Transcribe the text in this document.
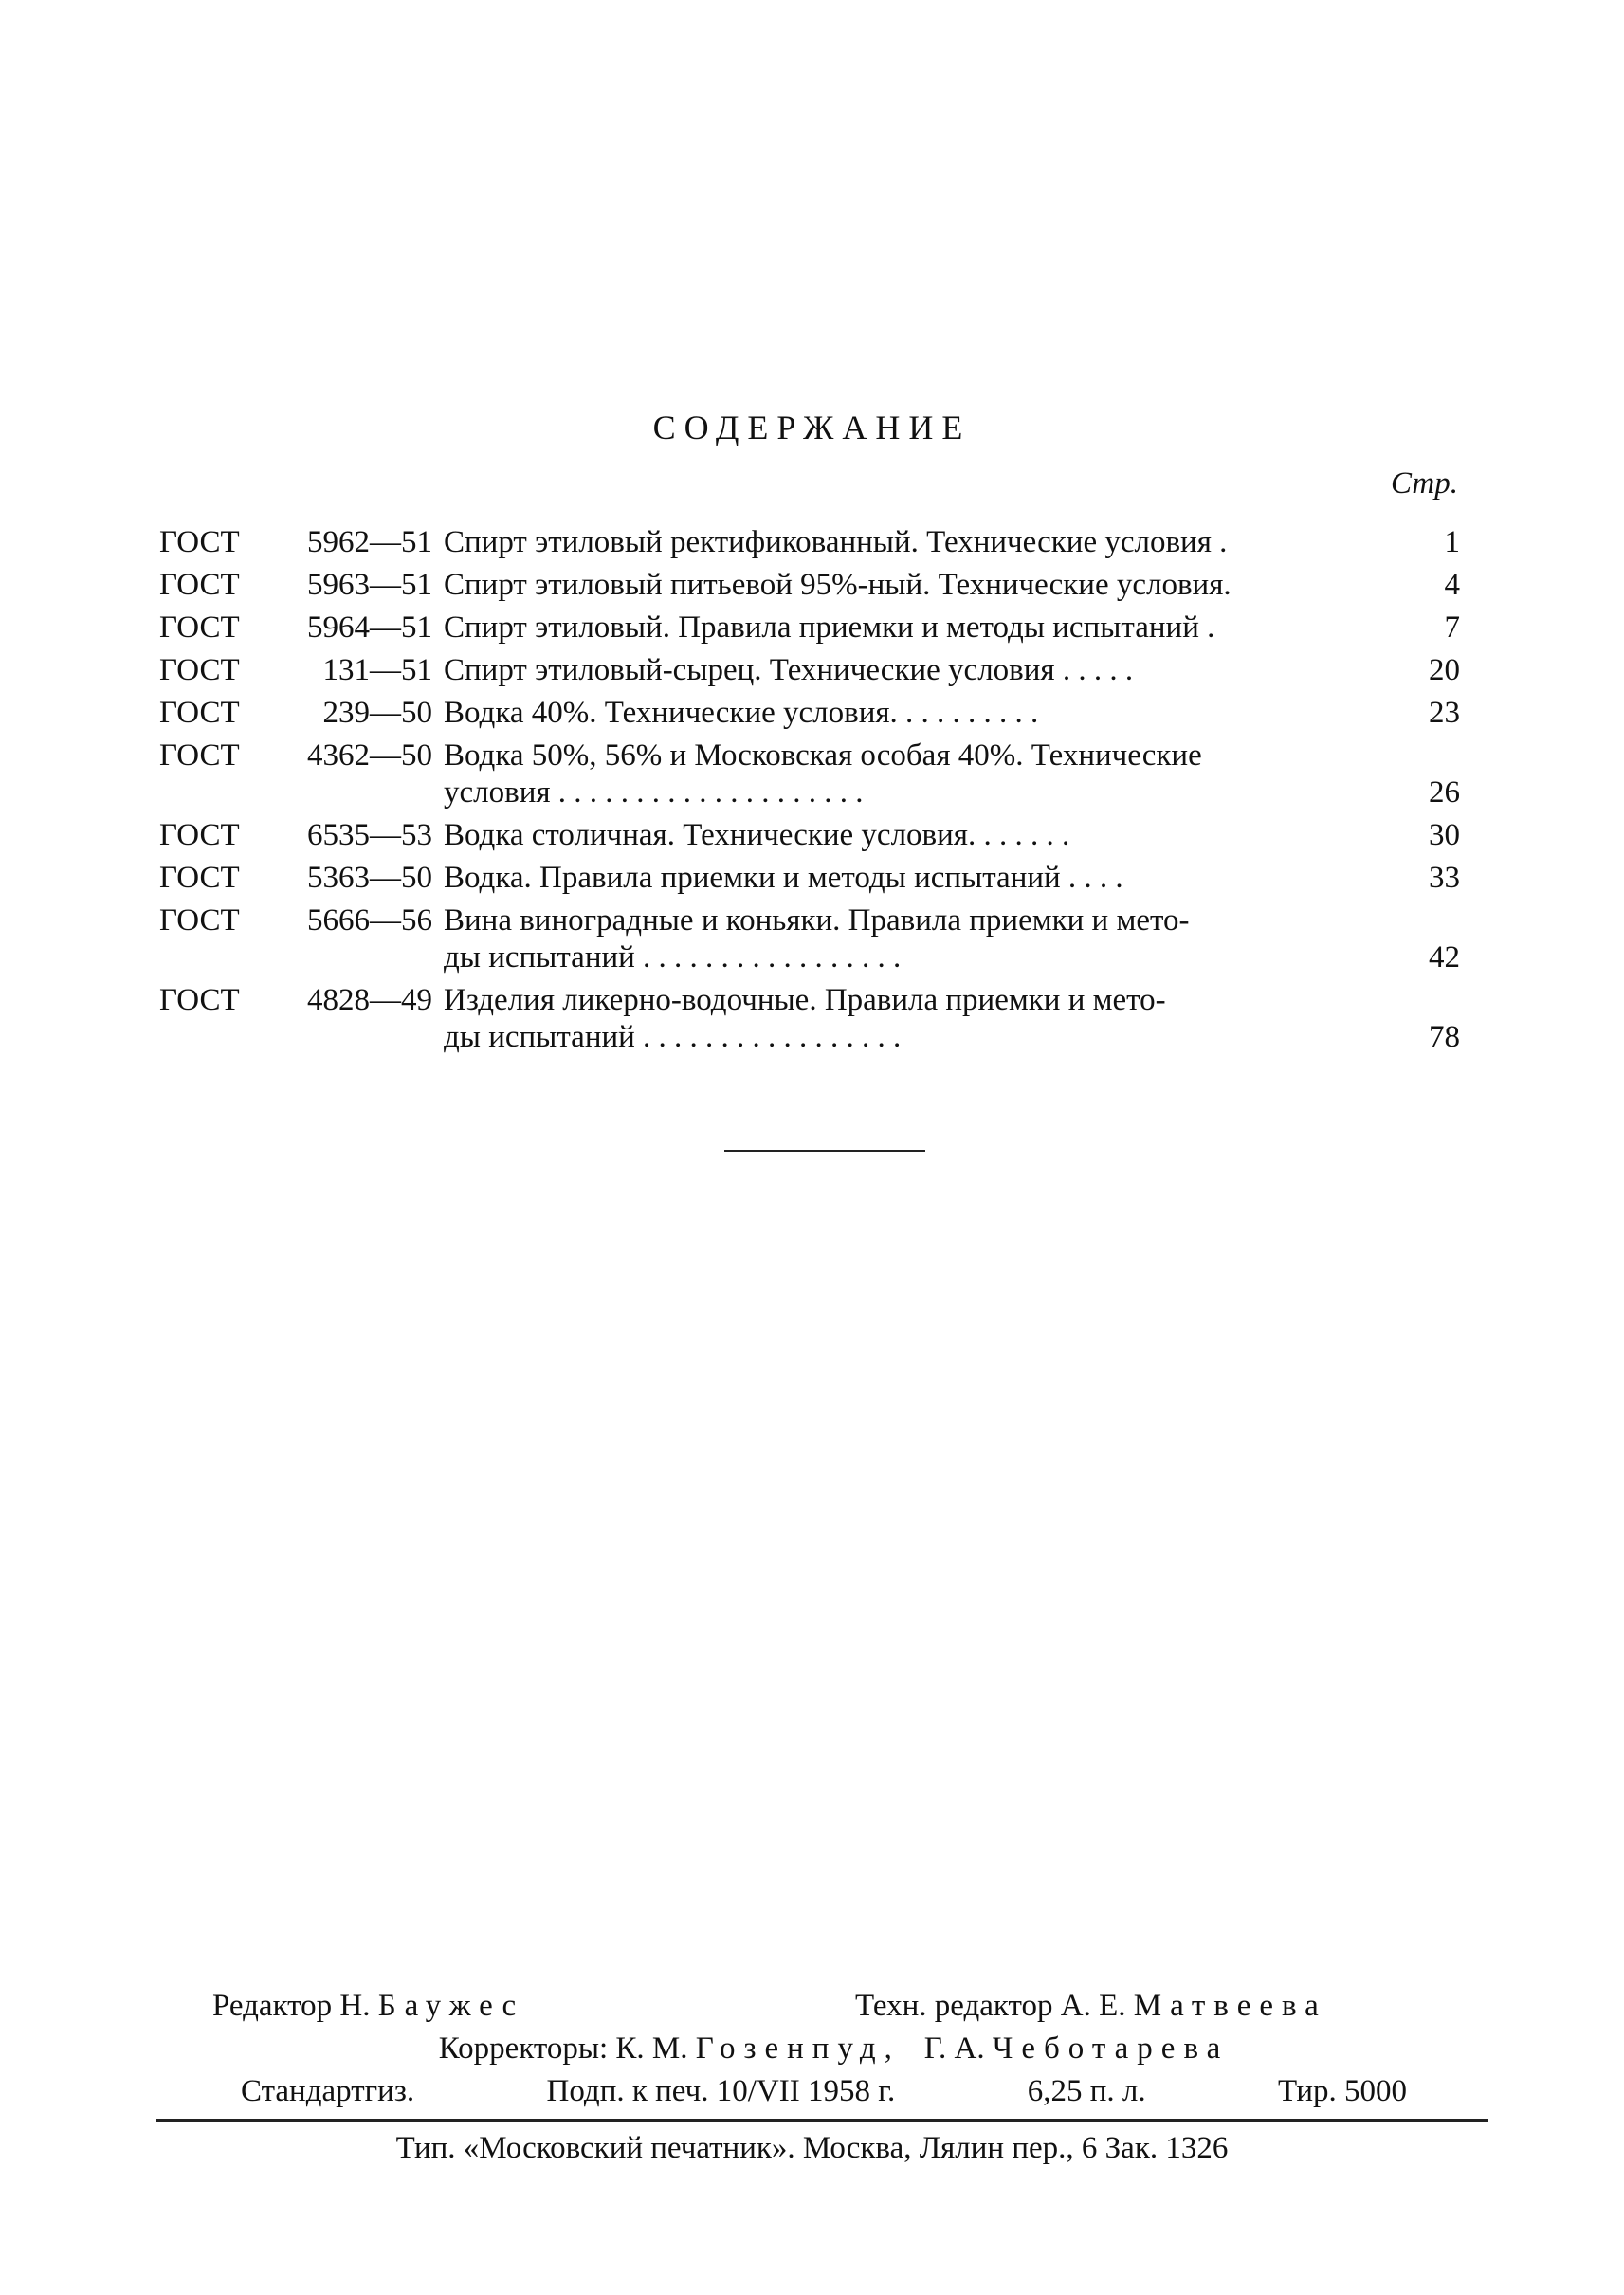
СОДЕРЖАНИЕ
Стр.
ГОСТ	5962—51 Спирт этиловый ректификованный. Технические условия .	1
ГОСТ	5963—51 Спирт этиловый питьевой 95%-ный. Технические условия.	4
ГОСТ	5964—51 Спирт этиловый. Правила приемки и методы испытаний .	7
ГОСТ	131—51 Спирт этиловый-сырец. Технические условия . . . . .	20
ГОСТ	239—50 Водка 40%. Технические условия. . . . . . . . . .	23
ГОСТ	4362—50 Водка 50%, 56% и Московская особая 40%. Технические
условия . . . . . . . . . . . . . . . . . . . .	26
ГОСТ	6535—53 Водка столичная. Технические условия. . . . . . .	30
ГОСТ	5363—50 Водка. Правила приемки и методы испытаний . . . .	33
ГОСТ	5666—56 Вина виноградные и коньяки. Правила приемки и мето-
ды испытаний . . . . . . . . . . . . . . . . .	42
ГОСТ	4828—49 Изделия ликерно-водочные. Правила приемки и мето-
ды испытаний . . . . . . . . . . . . . . . . .	78
Редактор Н. Баужес	Техн. редактор А. Е. Матвеева
Корректоры: К. М. Гозенпуд, Г. А. Чеботарева
Стандартгиз.	Подп. к печ. 10/VII 1958 г.	6,25 п. л.	Тир. 5000
Тип. «Московский печатник». Москва, Лялин пер., 6 Зак. 1326
